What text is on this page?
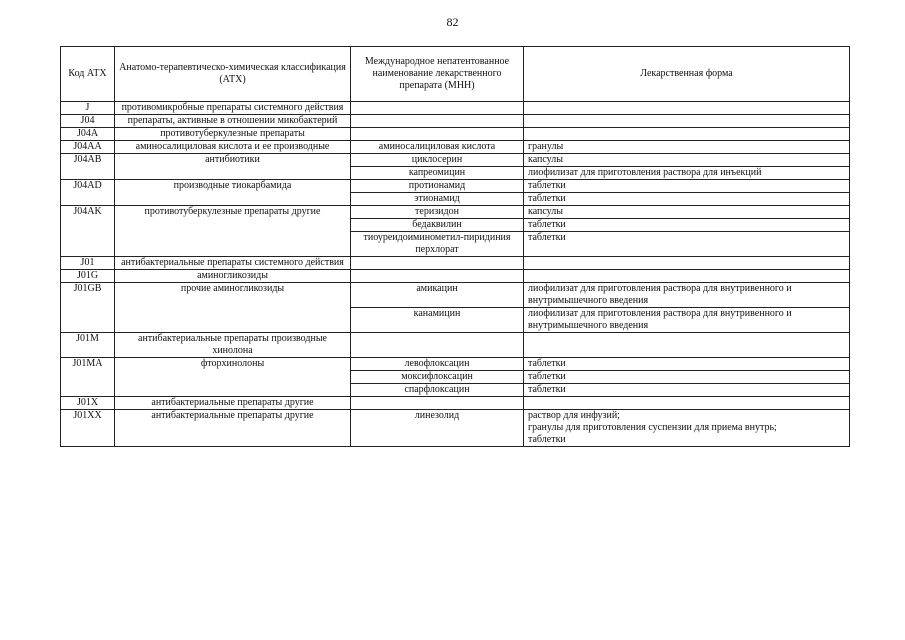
82
Код АТХ	Анатомо-терапевтическо-химическая классификация (АТХ)	Международное непатентованное наименование лекарственного препарата (МНН)	Лекарственная форма
J	противомикробные препараты системного действия		

J04	препараты, активные в отношении микобактерий		

J04A	противотуберкулезные препараты		

J04AA	аминосалициловая кислота и ее производные	аминосалициловая кислота	гранулы

J04AB	антибиотики	циклосерин	капсулы

		капреомицин	лиофилизат для приготовления раствора для инъекций

J04AD	производные тиокарбамида	протионамид	таблетки

		этионамид	таблетки

J04AK	противотуберкулезные препараты другие	теризидон	капсулы

		бедаквилин	таблетки

		тиоуреидоиминометил-пиридиния перхлорат	таблетки

J01	антибактериальные препараты системного действия		

J01G	аминогликозиды		

J01GB	прочие аминогликозиды	амикацин	лиофилизат для приготовления раствора для внутривенного и внутримышечного введения

		канамицин	лиофилизат для приготовления раствора для внутривенного и внутримышечного введения

J01M	антибактериальные препараты производные хинолона		

J01MA	фторхинолоны	левофлоксацин	таблетки

		моксифлоксацин	таблетки

		спарфлоксацин	таблетки

J01X	антибактериальные препараты другие		

J01XX	антибактериальные препараты другие	линезолид	раствор для инфузий;
гранулы для приготовления суспензии для приема внутрь;
таблетки
